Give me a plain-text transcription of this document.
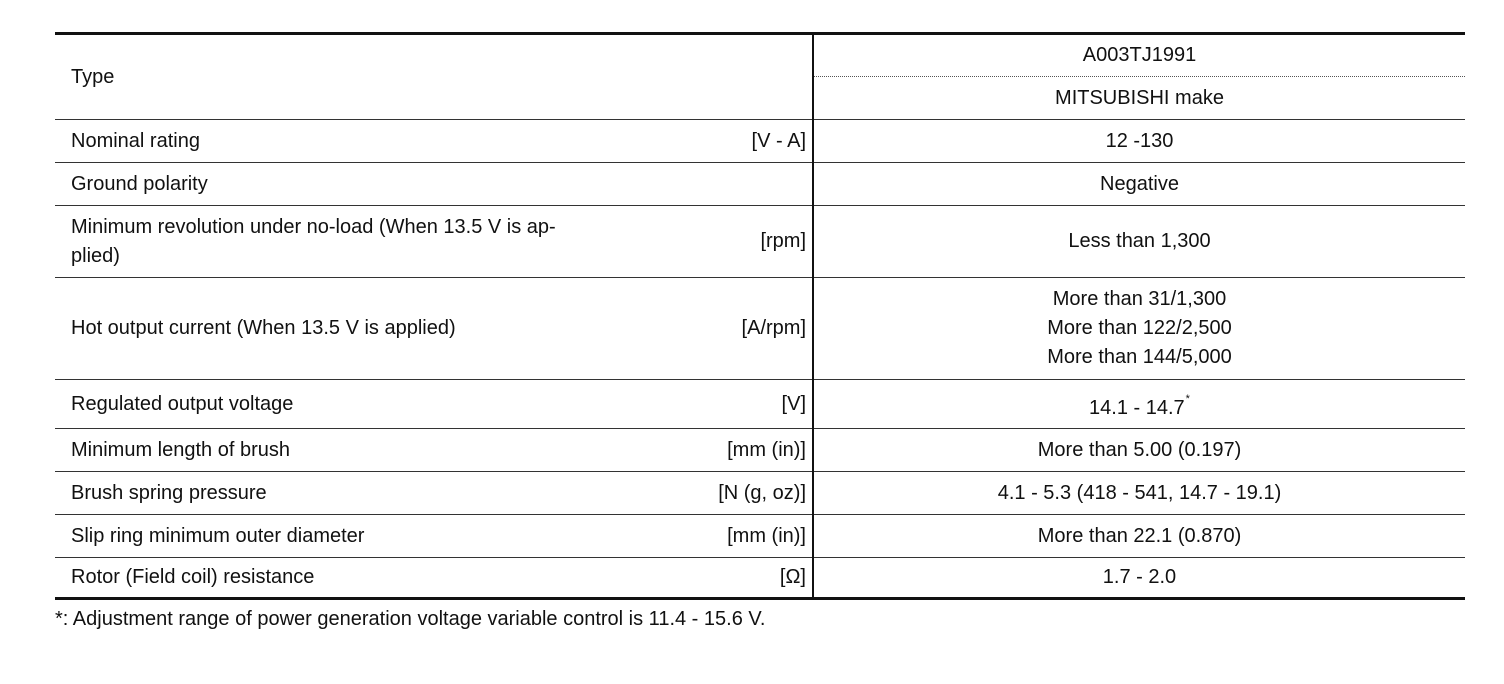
Type		A003TJ1991
		MITSUBISHI make
Nominal rating	[V - A]	12 -130
Ground polarity		Negative

Minimum revolution under no-load (When 13.5 V is ap-
plied)	[rpm]	Less than 1,300
Hot output current (When 13.5 V is applied)	[A/rpm]	More than 31/1,300
More than 122/2,500
More than 144/5,000

Regulated output voltage	[V]	14.1 - 14.7*
Minimum length of brush	[mm (in)]	More than 5.00 (0.197)
Brush spring pressure	[N (g, oz)]	4.1 - 5.3 (418 - 541, 14.7 - 19.1)
Slip ring minimum outer diameter	[mm (in)]	More than 22.1 (0.870)
Rotor (Field coil) resistance	[Ω]	1.7 - 2.0
*: Adjustment range of power generation voltage variable control is 11.4 - 15.6 V.
